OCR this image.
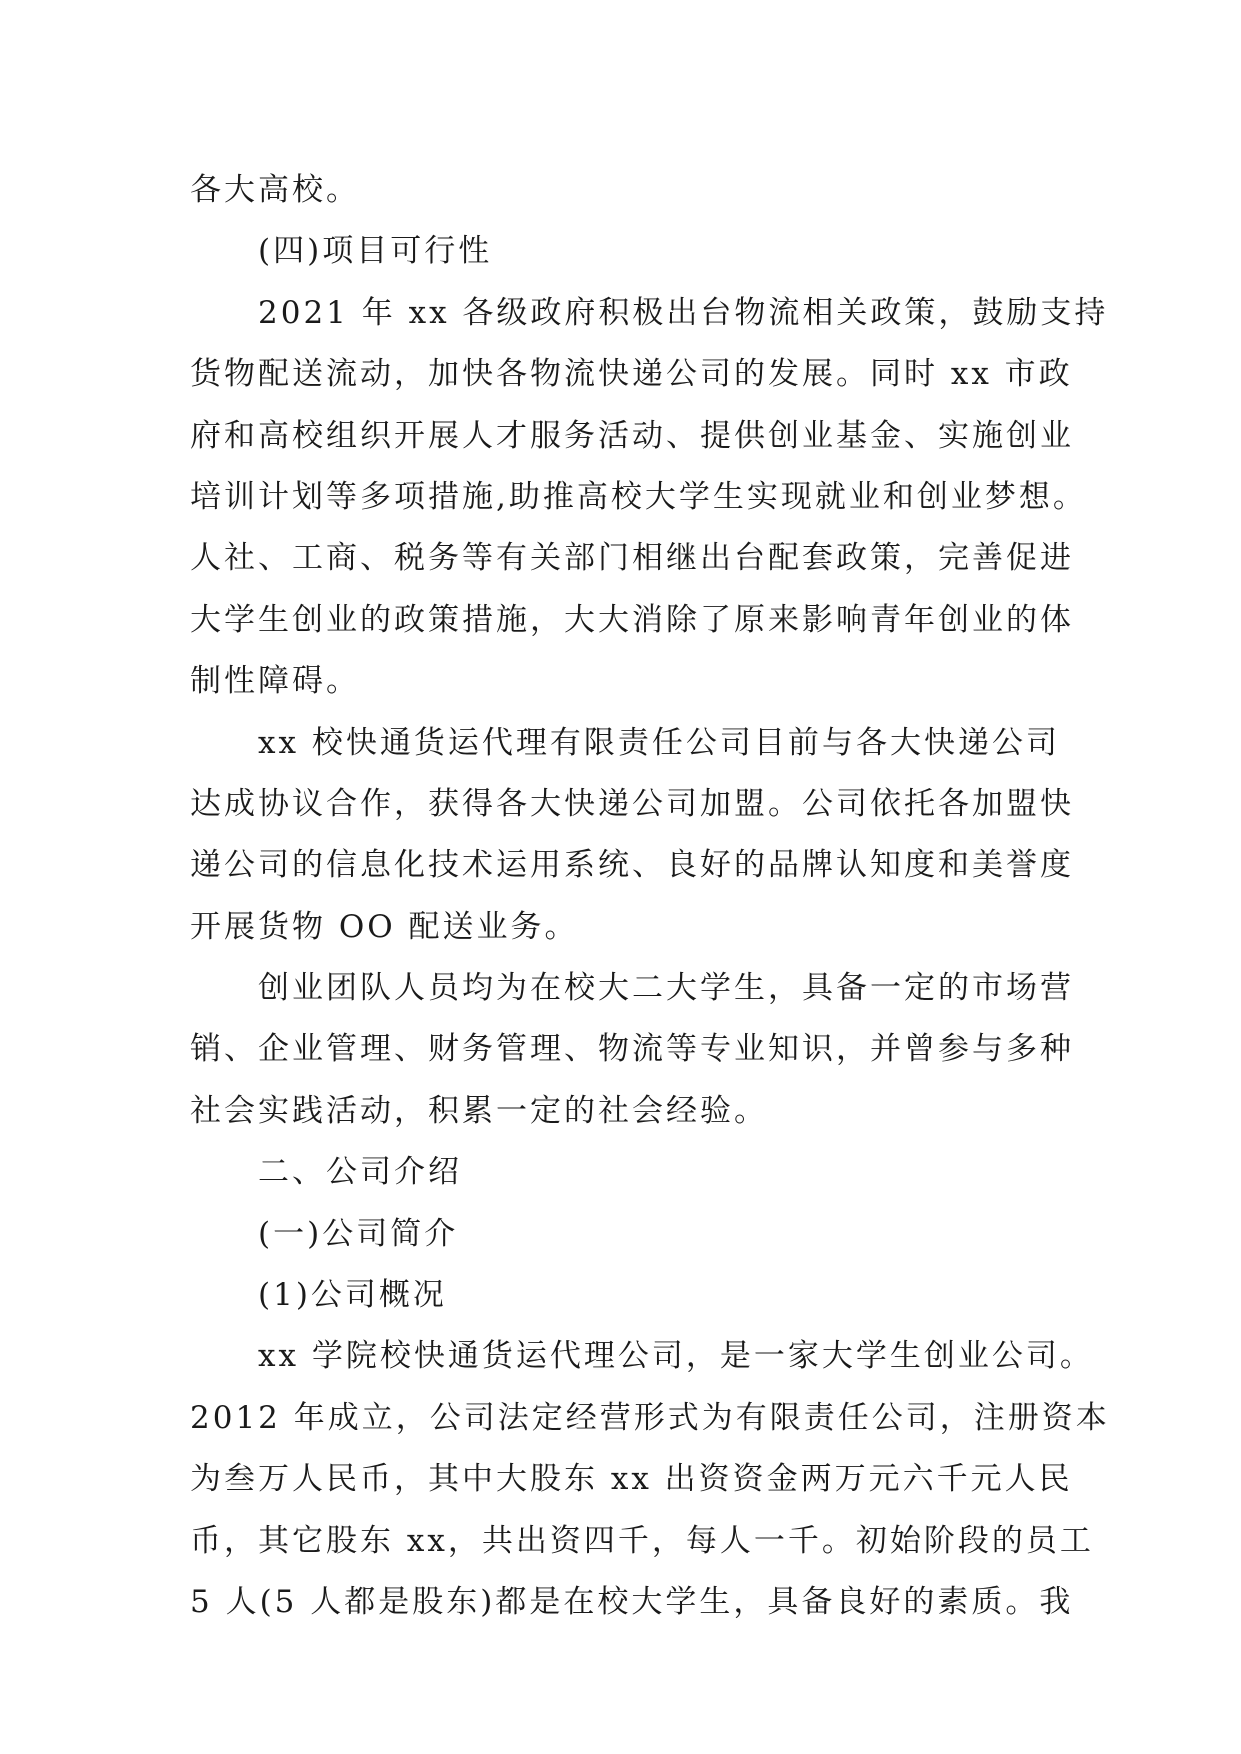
各大高校。
(四)项目可行性
2021 年 xx 各级政府积极出台物流相关政策，鼓励支持
货物配送流动，加快各物流快递公司的发展。同时 xx 市政
府和高校组织开展人才服务活动、提供创业基金、实施创业
培训计划等多项措施,助推高校大学生实现就业和创业梦想。
人社、工商、税务等有关部门相继出台配套政策，完善促进
大学生创业的政策措施，大大消除了原来影响青年创业的体
制性障碍。
xx 校快通货运代理有限责任公司目前与各大快递公司
达成协议合作，获得各大快递公司加盟。公司依托各加盟快
递公司的信息化技术运用系统、良好的品牌认知度和美誉度
开展货物 OO 配送业务。
创业团队人员均为在校大二大学生，具备一定的市场营
销、企业管理、财务管理、物流等专业知识，并曾参与多种
社会实践活动，积累一定的社会经验。
二、公司介绍
(一)公司简介
(1)公司概况
xx 学院校快通货运代理公司，是一家大学生创业公司。
2012 年成立，公司法定经营形式为有限责任公司，注册资本
为叁万人民币，其中大股东 xx 出资资金两万元六千元人民
币，其它股东 xx，共出资四千，每人一千。初始阶段的员工
5 人(5 人都是股东)都是在校大学生，具备良好的素质。我
